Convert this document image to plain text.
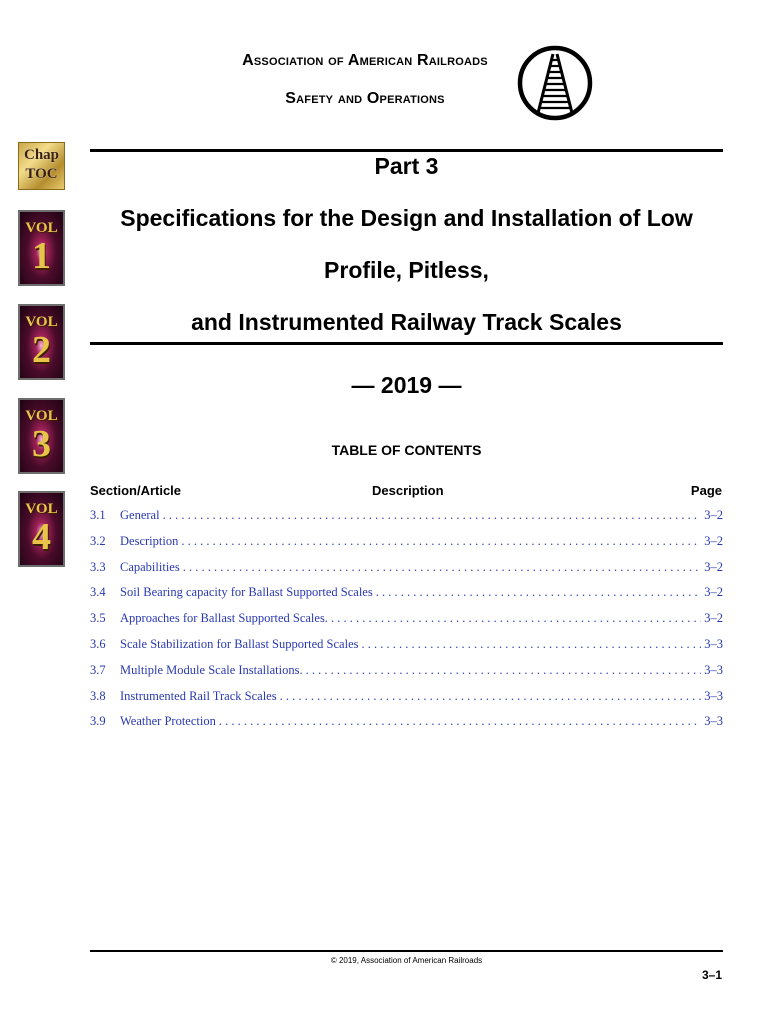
Association of American Railroads
Safety and Operations
Chap
TOC
VOL
1
VOL
2
VOL
3
VOL
4
Part 3
Specifications for the Design and Installation of Low
Profile, Pitless,
and Instrumented Railway Track Scales
— 2019 —
TABLE OF CONTENTS
Section/Article	Description	Page
3.1	General . . .	3–2
3.2	Description . . .	3–2
3.3	Capabilities . . .	3–2
3.4	Soil Bearing capacity for Ballast Supported Scales . . .	3–2
3.5	Approaches for Ballast Supported Scales. . . .	3–2
3.6	Scale Stabilization for Ballast Supported Scales . . .	3–3
3.7	Multiple Module Scale Installations. . . .	3–3
3.8	Instrumented Rail Track Scales . . .	3–3
3.9	Weather Protection . . .	3–3
© 2019, Association of American Railroads
3–1
